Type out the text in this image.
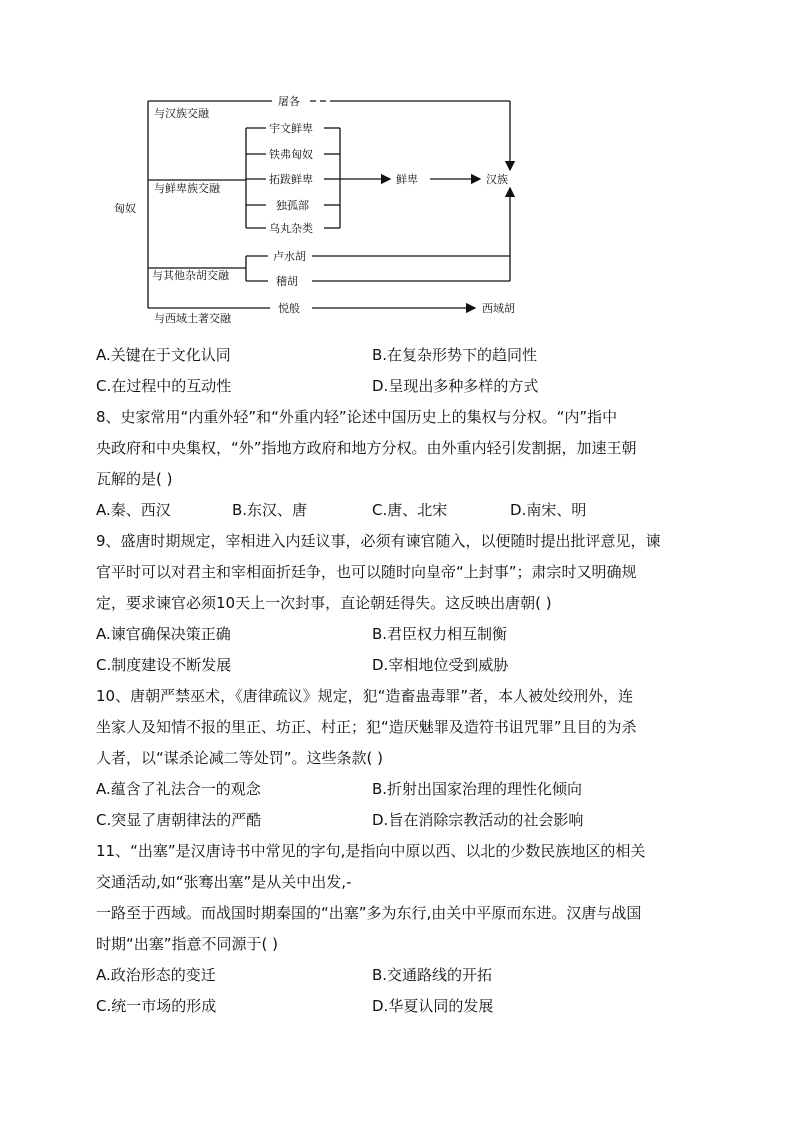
匈奴
与汉族交融
与鲜卑族交融
与其他杂胡交融
与西域土著交融
屠各
宇文鲜卑
铁弗匈奴
拓跋鲜卑
独孤部
乌丸杂类
卢水胡
稽胡
悦般
鲜卑	汉族
西域胡
A.关键在于文化认同	B.在复杂形势下的趋同性
C.在过程中的互动性	D.呈现出多种多样的方式

8、史家常用“内重外轻”和“外重内轻”论述中国历史上的集权与分权。“内”指中

央政府和中央集权，“外”指地方政府和地方分权。由外重内轻引发割据，加速王朝

瓦解的是( )

A.秦、西汉	B.东汉、唐	C.唐、北宋	D.南宋、明

9、盛唐时期规定，宰相进入内廷议事，必须有谏官随入，以便随时提出批评意见，谏

官平时可以对君主和宰相面折廷争，也可以随时向皇帝“上封事”；肃宗时又明确规

定，要求谏官必须10天上一次封事，直论朝廷得失。这反映出唐朝( )

A.谏官确保决策正确	B.君臣权力相互制衡
C.制度建设不断发展	D.宰相地位受到威胁

10、唐朝严禁巫术，《唐律疏议》规定，犯“造畜蛊毒罪”者，本人被处绞刑外，连

坐家人及知情不报的里正、坊正、村正；犯“造厌魅罪及造符书诅咒罪”且目的为杀

人者，以“谋杀论减二等处罚”。这些条款( )

A.蕴含了礼法合一的观念	B.折射出国家治理的理性化倾向
C.突显了唐朝律法的严酷	D.旨在消除宗教活动的社会影响

11、“出塞”是汉唐诗书中常见的字句,是指向中原以西、以北的少数民族地区的相关

交通活动,如“张骞出塞”是从关中出发,-

一路至于西域。而战国时期秦国的“出塞”多为东行,由关中平原而东进。汉唐与战国

时期“出塞”指意不同源于( )

A.政治形态的变迁	B.交通路线的开拓
C.统一市场的形成	D.华夏认同的发展
